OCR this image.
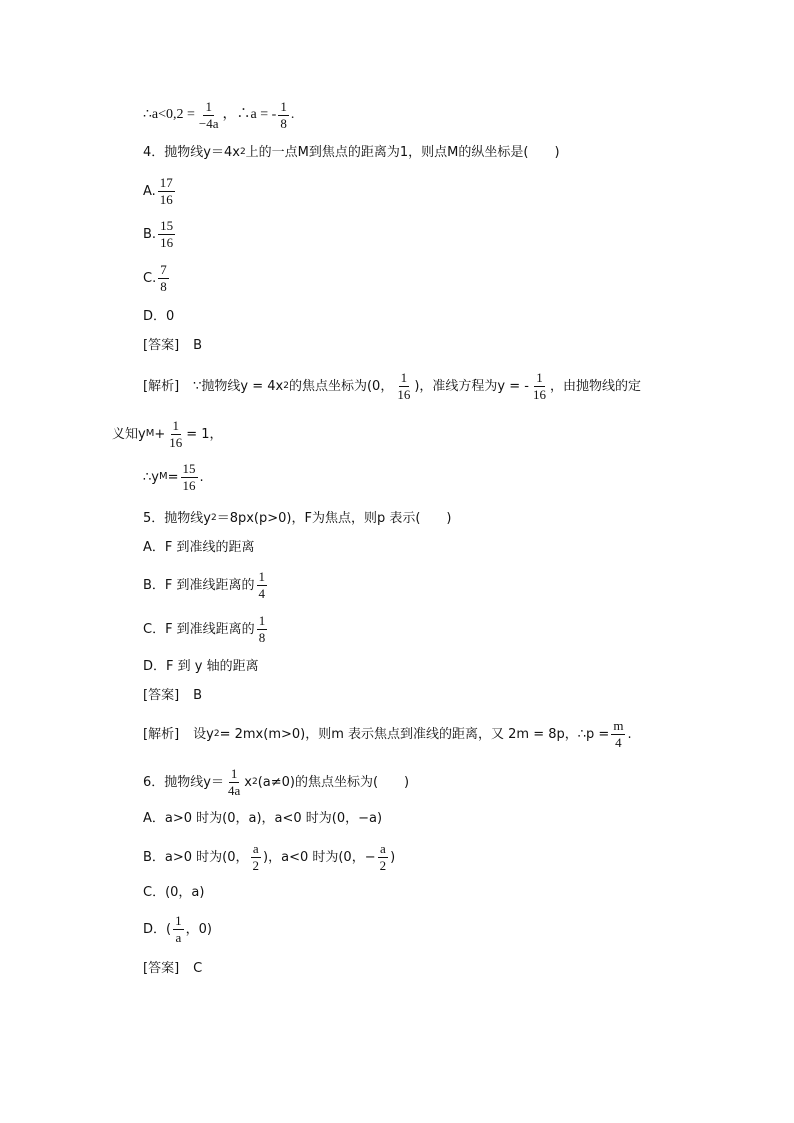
∴a<0,2 = $\frac{1}{-4a}$ ，∴a = - $\frac{1}{8}$ .
4．抛物线y＝4x 2 上的一点M到焦点的距离为1，则点M的纵坐标是(　　)
A. $\frac{17}{16}$
B. $\frac{15}{16}$
C. $\frac{7}{8}$
D．0
[答案] B
[解析] ∵抛物线y = 4x 2 的焦点坐标为(0， $\frac{1}{16}$ )，准线方程为y = - $\frac{1}{16}$ ，由抛物线的定
义知y $M + \frac{1}{16} = 1$，
∴y $M = \frac{15}{16}$ .
5．抛物线y 2 ＝8px(p>0)，F为焦点，则p 表示(　　)
A．F 到准线的距离
B．F 到准线距离的 $\frac{1}{4}$
C．F 到准线距离的 $\frac{1}{8}$
D．F 到 y 轴的距离
[答案] B
[解析] 设y 2 = 2mx(m>0)，则m 表示焦点到准线的距离，又 2m = 8p，∴p = $\frac{m}{4}$ .
6．抛物线$y= \frac{1}{4a}$ x 2 (a≠0)的焦点坐标为(　　)
A．a>0 时为(0，a)，a<0 时为(0，−a)
B．a>0 时为(0， $\frac{a}{2}$ )，a<0 时为(0，− $\frac{a}{2}$ )
C．(0，a)
D．( $\frac{1}{a}$ ，0)
[答案] C
